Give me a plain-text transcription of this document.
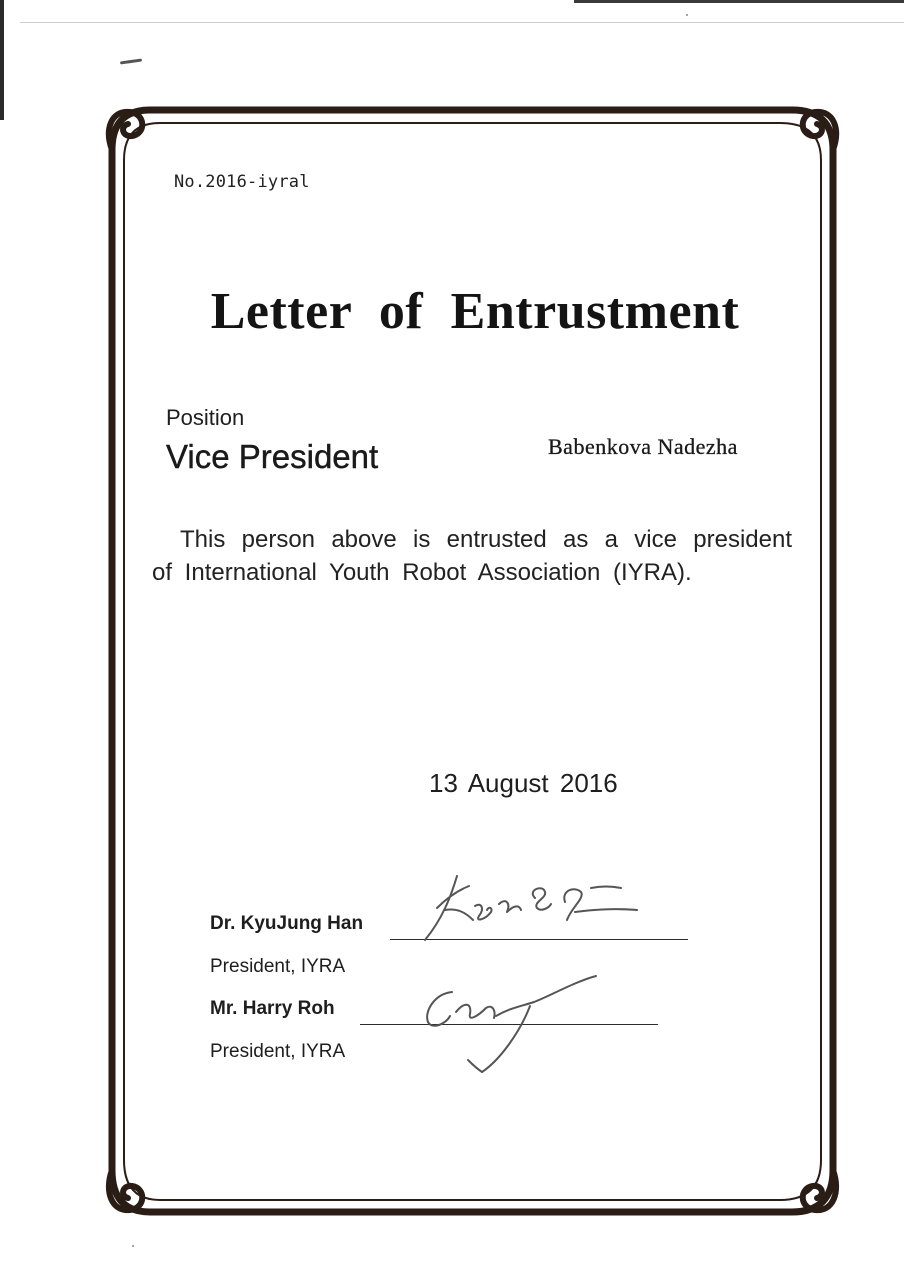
No.2016-iyral
Letter of Entrustment
Position
Vice President	Babenkova Nadezha
This person above is entrusted as a vice president of International Youth Robot Association (IYRA).
13 August 2016
Dr. KyuJung Han
President, IYRA
Mr. Harry Roh
President, IYRA
